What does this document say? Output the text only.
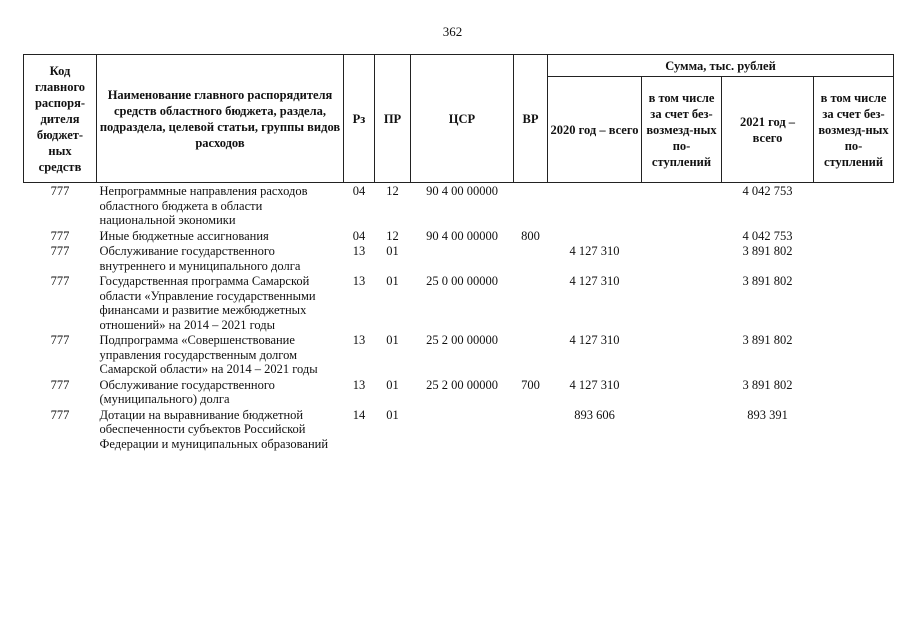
362
Код главного распоря-дителя бюджет-ных средств	Наименование главного распорядителя средств областного бюджета, раздела, подраздела, целевой статьи, группы видов расходов	Рз	ПР	ЦСР	ВР	Сумма, тыс. рублей			
						2020 год – всего	в том числе за счет без-возмезд-ных по-ступлений	2021 год – всего	в том числе за счет без-возмезд-ных по-ступлений
777	Непрограммные направления расходов областного бюджета в области национальной экономики	04	12	90 4 00 00000				4 042 753	
777	Иные бюджетные ассигнования	04	12	90 4 00 00000	800			4 042 753	
777	Обслуживание государственного внутреннего и муниципального долга	13	01			4 127 310		3 891 802	
777	Государственная программа Самарской области «Управление государственными финансами и развитие межбюджетных отношений» на 2014 – 2021 годы	13	01	25 0 00 00000		4 127 310		3 891 802	
777	Подпрограмма «Совершенствование управления государственным долгом Самарской области» на 2014 – 2021 годы	13	01	25 2 00 00000		4 127 310		3 891 802	
777	Обслуживание государственного (муниципального) долга	13	01	25 2 00 00000	700	4 127 310		3 891 802	
777	Дотации на выравнивание бюджетной обеспеченности субъектов Российской Федерации и муниципальных образований	14	01			893 606		893 391	
